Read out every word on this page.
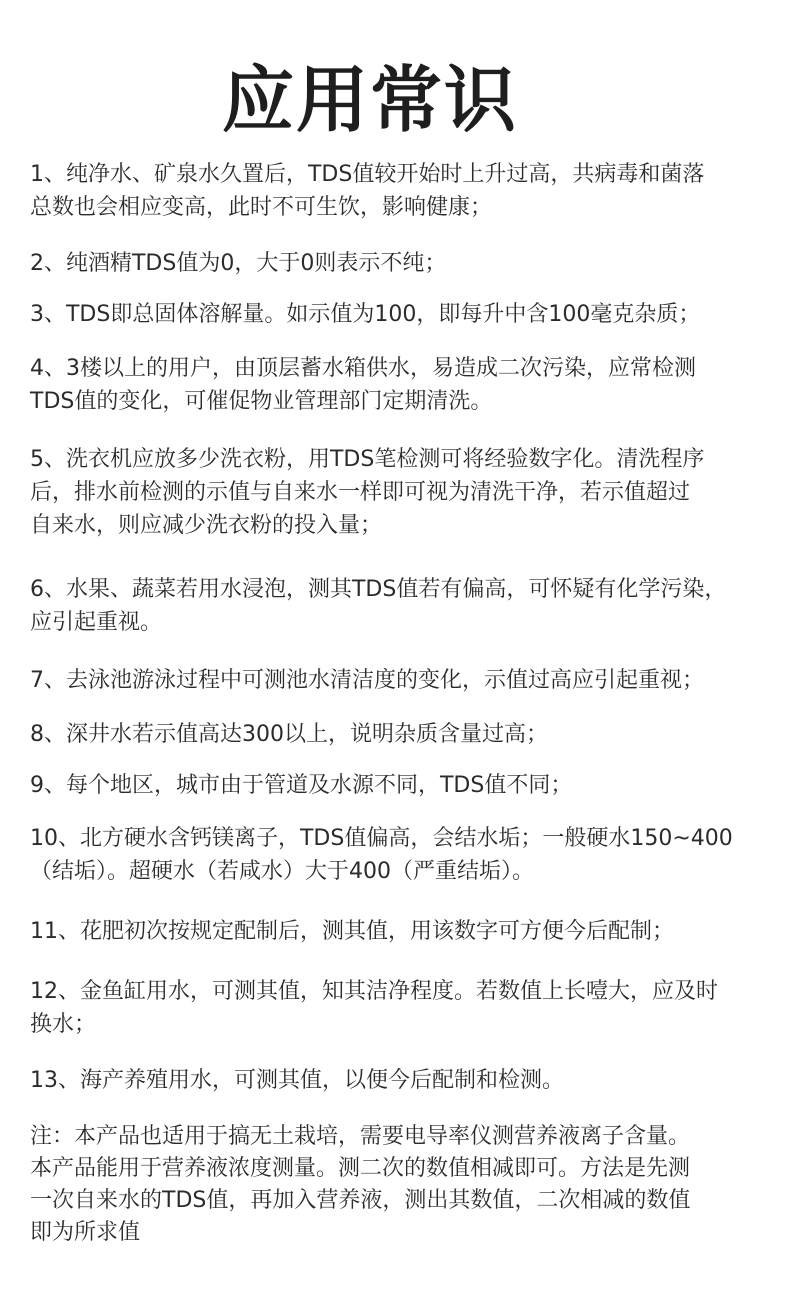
应用常识
1、纯净水、矿泉水久置后，TDS值较开始时上升过高，共病毒和菌落
总数也会相应变高，此时不可生饮，影响健康；
2、纯酒精TDS值为0，大于0则表示不纯；
3、TDS即总固体溶解量。如示值为100，即每升中含100毫克杂质；
4、3楼以上的用户，由顶层蓄水箱供水，易造成二次污染，应常检测
TDS值的变化，可催促物业管理部门定期清洗。
5、洗衣机应放多少洗衣粉，用TDS笔检测可将经验数字化。清洗程序
后，排水前检测的示值与自来水一样即可视为清洗干净，若示值超过
自来水，则应减少洗衣粉的投入量；
6、水果、蔬菜若用水浸泡，测其TDS值若有偏高，可怀疑有化学污染，
应引起重视。
7、去泳池游泳过程中可测池水清洁度的变化，示值过高应引起重视；
8、深井水若示值高达300以上，说明杂质含量过高；
9、每个地区，城市由于管道及水源不同，TDS值不同；
10、北方硬水含钙镁离子，TDS值偏高，会结水垢；一般硬水150~400
（结垢）。超硬水（若咸水）大于400（严重结垢）。
11、花肥初次按规定配制后，测其值，用该数字可方便今后配制；
12、金鱼缸用水，可测其值，知其洁净程度。若数值上长噎大，应及时
换水；
13、海产养殖用水，可测其值，以便今后配制和检测。
注：本产品也适用于搞无土栽培，需要电导率仪测营养液离子含量。
本产品能用于营养液浓度测量。测二次的数值相减即可。方法是先测
一次自来水的TDS值，再加入营养液，测出其数值，二次相减的数值
即为所求值
